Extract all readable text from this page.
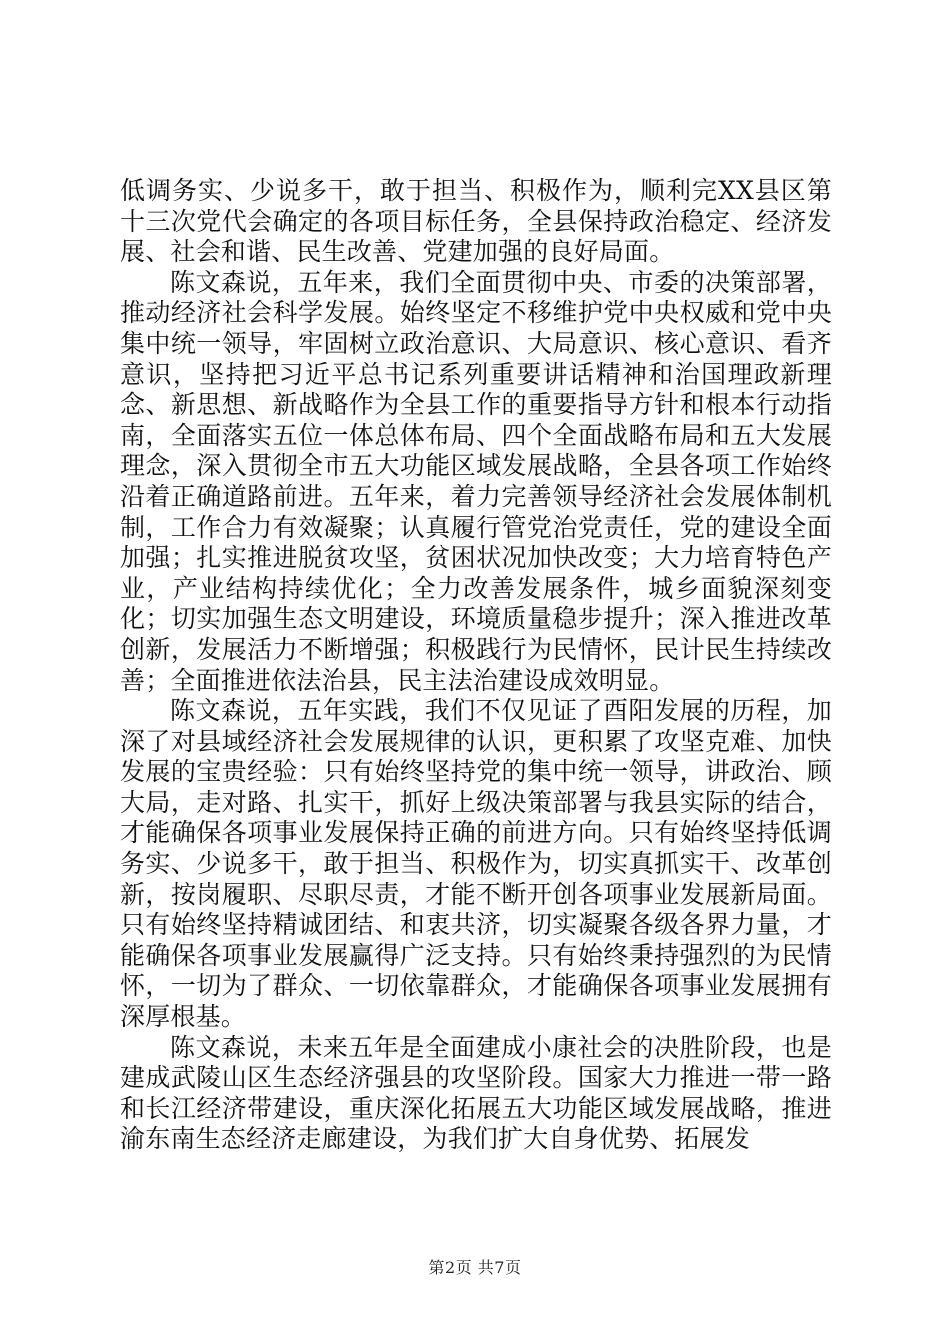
低调务实、少说多干，敢于担当、积极作为，顺利完XX县区第十三次党代会确定的各项目标任务，全县保持政治稳定、经济发展、社会和谐、民生改善、党建加强的良好局面。

陈文森说，五年来，我们全面贯彻中央、市委的决策部署，推动经济社会科学发展。始终坚定不移维护党中央权威和党中央集中统一领导，牢固树立政治意识、大局意识、核心意识、看齐意识，坚持把习近平总书记系列重要讲话精神和治国理政新理念、新思想、新战略作为全县工作的重要指导方针和根本行动指南，全面落实五位一体总体布局、四个全面战略布局和五大发展理念，深入贯彻全市五大功能区域发展战略，全县各项工作始终沿着正确道路前进。五年来，着力完善领导经济社会发展体制机制，工作合力有效凝聚；认真履行管党治党责任，党的建设全面加强；扎实推进脱贫攻坚，贫困状况加快改变；大力培育特色产业，产业结构持续优化；全力改善发展条件，城乡面貌深刻变化；切实加强生态文明建设，环境质量稳步提升；深入推进改革创新，发展活力不断增强；积极践行为民情怀，民计民生持续改善；全面推进依法治县，民主法治建设成效明显。

陈文森说，五年实践，我们不仅见证了酉阳发展的历程，加深了对县域经济社会发展规律的认识，更积累了攻坚克难、加快发展的宝贵经验：只有始终坚持党的集中统一领导，讲政治、顾大局，走对路、扎实干，抓好上级决策部署与我县实际的结合，才能确保各项事业发展保持正确的前进方向。只有始终坚持低调务实、少说多干，敢于担当、积极作为，切实真抓实干、改革创新，按岗履职、尽职尽责，才能不断开创各项事业发展新局面。只有始终坚持精诚团结、和衷共济，切实凝聚各级各界力量，才能确保各项事业发展赢得广泛支持。只有始终秉持强烈的为民情怀，一切为了群众、一切依靠群众，才能确保各项事业发展拥有深厚根基。

陈文森说，未来五年是全面建成小康社会的决胜阶段，也是建成武陵山区生态经济强县的攻坚阶段。国家大力推进一带一路和长江经济带建设，重庆深化拓展五大功能区域发展战略，推进渝东南生态经济走廊建设，为我们扩大自身优势、拓展发

第2页 共7页
